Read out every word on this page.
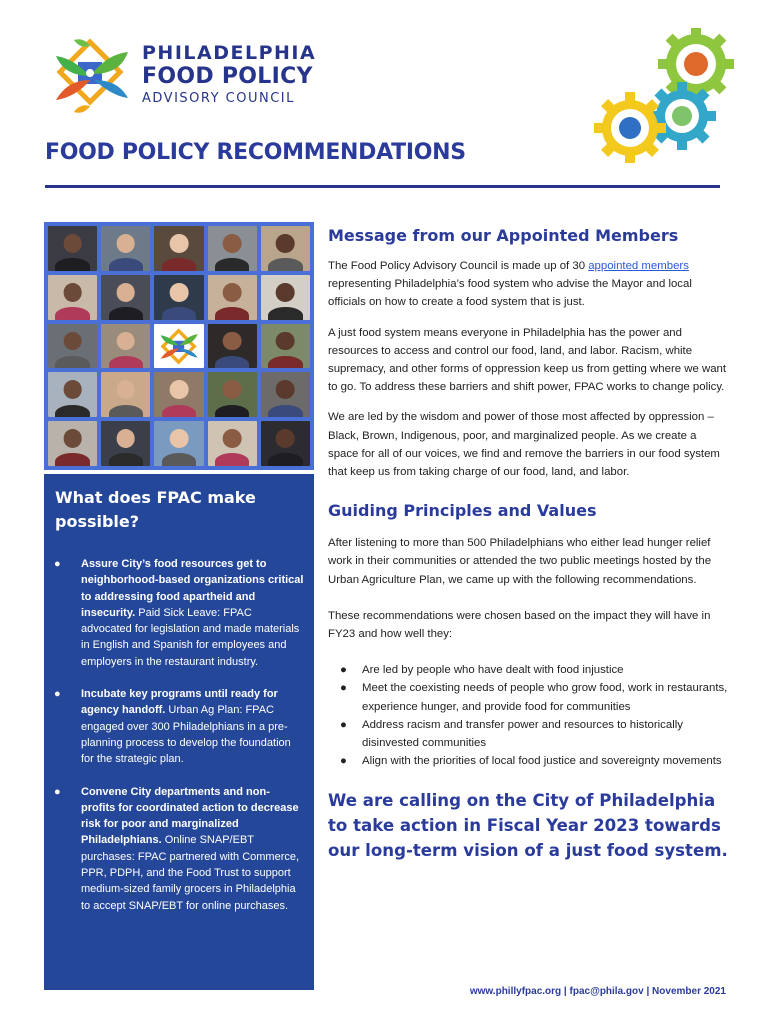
PHILADELPHIA
FOOD POLICY
ADVISORY COUNCIL
FOOD POLICY RECOMMENDATIONS
What does FPAC make possible?
● Assure City’s food resources get to neighborhood-based organizations critical to addressing food apartheid and insecurity. Paid Sick Leave: FPAC advocated for legislation and made materials in English and Spanish for employees and employers in the restaurant industry.
● Incubate key programs until ready for agency handoff. Urban Ag Plan: FPAC engaged over 300 Philadelphians in a pre-planning process to develop the foundation for the strategic plan.
● Convene City departments and non-profits for coordinated action to decrease risk for poor and marginalized Philadelphians. Online SNAP/EBT purchases: FPAC partnered with Commerce, PPR, PDPH, and the Food Trust to support medium-sized family grocers in Philadelphia to accept SNAP/EBT for online purchases.
Message from our Appointed Members

The Food Policy Advisory Council is made up of 30 appointed members representing Philadelphia’s food system who advise the Mayor and local officials on how to create a food system that is just.

A just food system means everyone in Philadelphia has the power and resources to access and control our food, land, and labor. Racism, white supremacy, and other forms of oppression keep us from getting where we want to go. To address these barriers and shift power, FPAC works to change policy.

We are led by the wisdom and power of those most affected by oppression – Black, Brown, Indigenous, poor, and marginalized people. As we create a space for all of our voices, we find and remove the barriers in our food system that keep us from taking charge of our food, land, and labor.

Guiding Principles and Values

After listening to more than 500 Philadelphians who either lead hunger relief work in their communities or attended the two public meetings hosted by the Urban Agriculture Plan, we came up with the following recommendations.

These recommendations were chosen based on the impact they will have in FY23 and how well they:

● Are led by people who have dealt with food injustice
● Meet the coexisting needs of people who grow food, work in restaurants, experience hunger, and provide food for communities
● Address racism and transfer power and resources to historically disinvested communities
● Align with the priorities of local food justice and sovereignty movements
We are calling on the City of Philadelphia to take action in Fiscal Year 2023 towards our long-term vision of a just food system.
www.phillyfpac.org | fpac@phila.gov | November 2021
